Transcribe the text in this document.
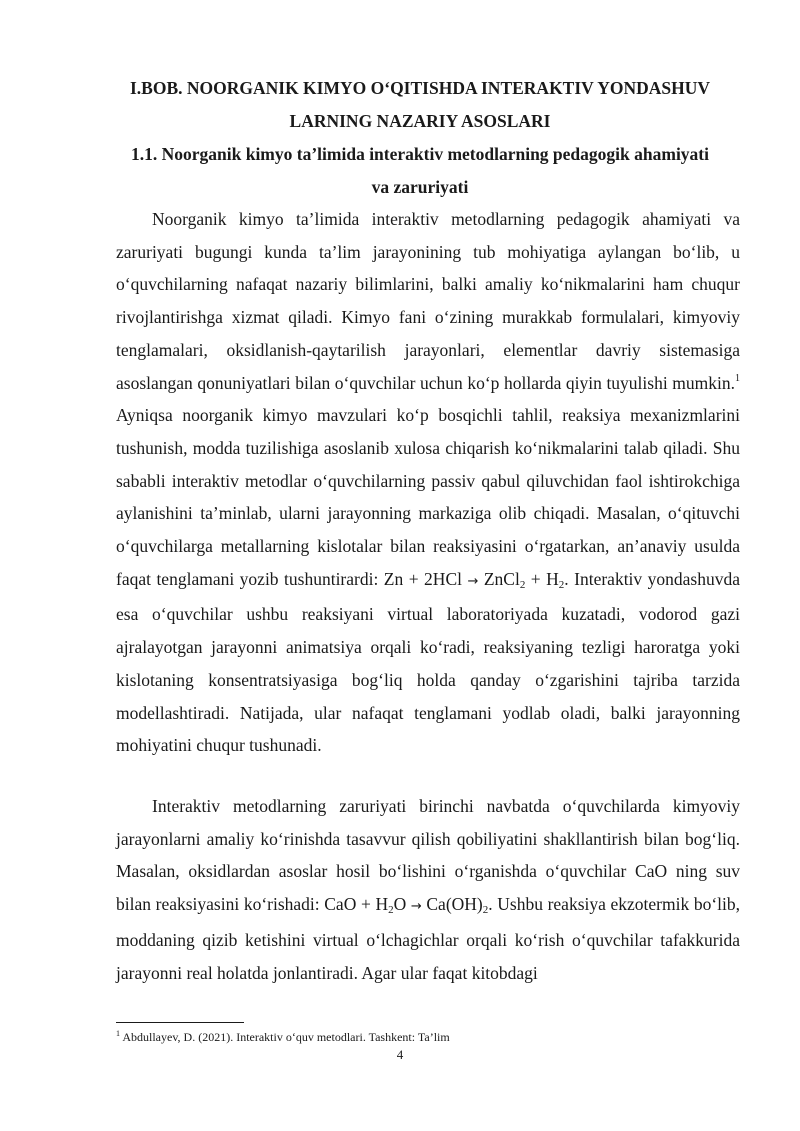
I.BOB. NOORGANIK KIMYO O‘QITISHDA INTERAKTIV YONDASHUV
LARNING NAZARIY ASOSLARI
1.1. Noorganik kimyo ta’limida interaktiv metodlarning pedagogik ahamiyati
va zaruriyati

Noorganik kimyo ta’limida interaktiv metodlarning pedagogik ahamiyati va zaruriyati bugungi kunda ta’lim jarayonining tub mohiyatiga aylangan bo‘lib, u o‘quvchilarning nafaqat nazariy bilimlarini, balki amaliy ko‘nikmalarini ham chuqur rivojlantirishga xizmat qiladi. Kimyo fani o‘zining murakkab formulalari, kimyoviy tenglamalari, oksidlanish-qaytarilish jarayonlari, elementlar davriy sistemasiga asoslangan qonuniyatlari bilan o‘quvchilar uchun ko‘p hollarda qiyin tuyulishi mumkin.$^1$ Ayniqsa noorganik kimyo mavzulari ko‘p bosqichli tahlil, reaksiya mexanizmlarini tushunish, modda tuzilishiga asoslanib xulosa chiqarish ko‘nikmalarini talab qiladi. Shu sababli interaktiv metodlar o‘quvchilarning passiv qabul qiluvchidan faol ishtirokchiga aylanishini ta’minlab, ularni jarayonning markaziga olib chiqadi. Masalan, o‘qituvchi o‘quvchilarga metallarning kislotalar bilan reaksiyasini o‘rgatarkan, an’anaviy usulda faqat tenglamani yozib tushuntirardi: Zn + 2HCl → ZnCl$_2$ + $H_2$. Interaktiv yondashuvda esa o‘quvchilar ushbu reaksiyani virtual laboratoriyada kuzatadi, vodorod gazi ajralayotgan jarayonni animatsiya orqali ko‘radi, reaksiyaning tezligi haroratga yoki kislotaning konsentratsiyasiga bog‘liq holda qanday o‘zgarishini tajriba tarzida modellashtiradi. Natijada, ular nafaqat tenglamani yodlab oladi, balki jarayonning mohiyatini chuqur tushunadi.

Interaktiv metodlarning zaruriyati birinchi navbatda o‘quvchilarda kimyoviy jarayonlarni amaliy ko‘rinishda tasavvur qilish qobiliyatini shakllantirish bilan bog‘liq. Masalan, oksidlardan asoslar hosil bo‘lishini o‘rganishda o‘quvchilar CaO ning suv bilan reaksiyasini ko‘rishadi: CaO + $H_2O \to Ca(OH)_2$. Ushbu reaksiya ekzotermik bo‘lib, moddaning qizib ketishini virtual o‘lchagichlar orqali ko‘rish o‘quvchilar tafakkurida jarayonni real holatda jonlantiradi. Agar ular faqat kitobdagi

$^1$ Abdullayev, D. (2021). Interaktiv o‘quv metodlari. Tashkent: Ta’lim
4
